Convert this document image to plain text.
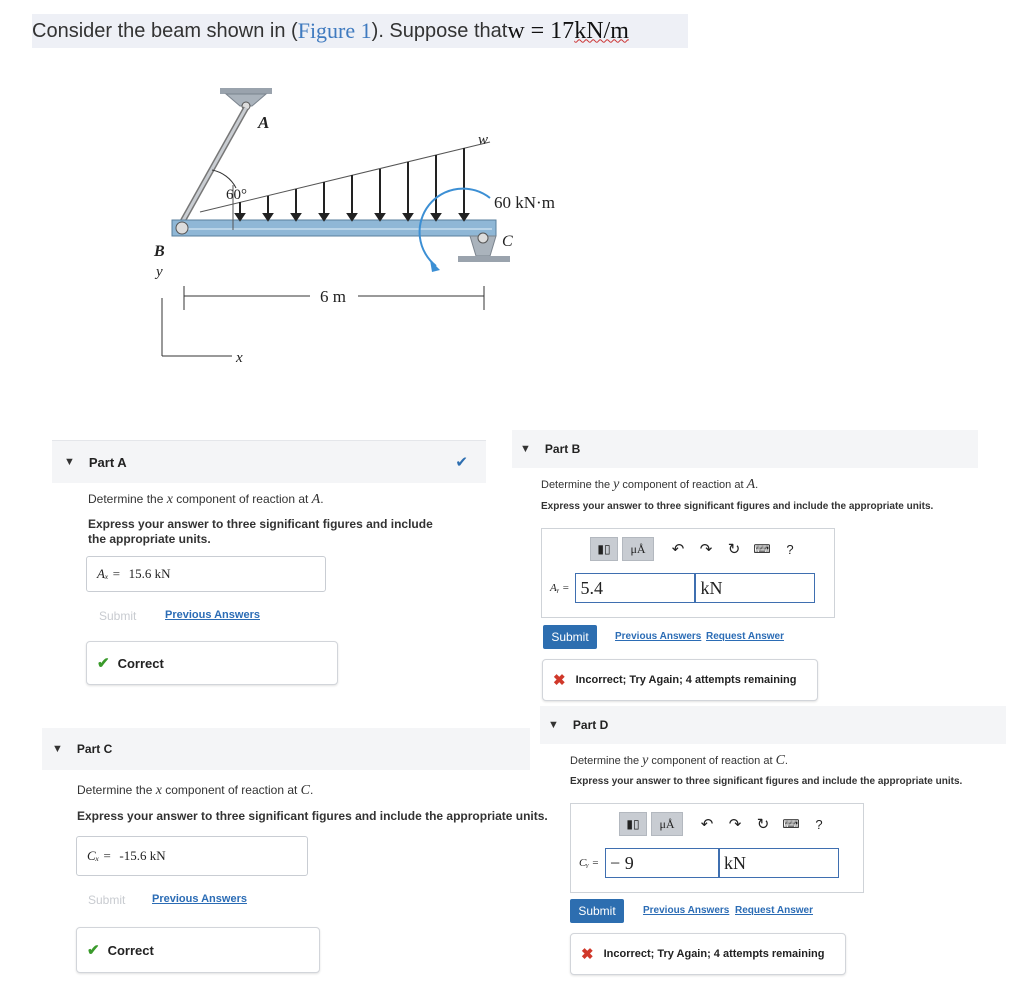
Consider the beam shown in ( Figure 1 ). Suppose that w = 17 kN/m
A
B
C
w
60°	60 kN·m
6 m
y
x
▼ Part A	✔
Determine the x component of reaction at A.
Express your answer to three significant figures and include the appropriate units.
Aₓ = 15.6 kN
Submit	Previous Answers
✔ Correct
▼ Part B
Determine the y component of reaction at A.
Express your answer to three significant figures and include the appropriate units.
▮▯	μÅ	↶	↷	↻	⌨	?
Aᵧ = 5.4	kN
Submit	Previous Answers Request Answer
✖ Incorrect; Try Again; 4 attempts remaining
▼ Part C
Determine the x component of reaction at C.
Express your answer to three significant figures and include the appropriate units.
Cₓ = -15.6 kN
Submit Previous Answers
✔ Correct
▼ Part D
Determine the y component of reaction at C.
Express your answer to three significant figures and include the appropriate units.
▮▯	μÅ	↶	↷	↻	⌨	?
Cᵧ = − 9	kN
Submit	Previous Answers Request Answer
✖ Incorrect; Try Again; 4 attempts remaining
